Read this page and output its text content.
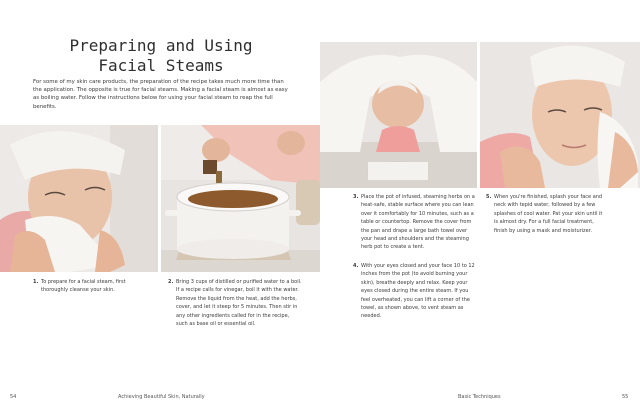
Preparing and Using
Facial Steams
For some of my skin care products, the preparation of the recipe takes much more time than the application. The opposite is true for facial steams. Making a facial steam is almost as easy as boiling water. Follow the instructions below for using your facial steam to reap the full benefits.
1. To prepare for a facial steam, first thoroughly cleanse your skin.
2. Bring 3 cups of distilled or purified water to a boil. If a recipe calls for vinegar, boil it with the water. Remove the liquid from the heat, add the herbs, cover, and let it steep for 5 minutes. Then stir in any other ingredients called for in the recipe, such as base oil or essential oil.
54	Achieving Beautiful Skin, Naturally
3. Place the pot of infused, steaming herbs on a heat-safe, stable surface where you can lean over it comfortably for 10 minutes, such as a table or countertop. Remove the cover from the pan and drape a large bath towel over your head and shoulders and the steaming herb pot to create a tent.
4. With your eyes closed and your face 10 to 12 inches from the pot (to avoid burning your skin), breathe deeply and relax. Keep your eyes closed during the entire steam. If you feel overheated, you can lift a corner of the towel, as shown above, to vent steam as needed.
5. When you're finished, splash your face and neck with tepid water, followed by a few splashes of cool water. Pat your skin until it is almost dry. For a full facial treatment, finish by using a mask and moisturizer.
Basic Techniques	55
